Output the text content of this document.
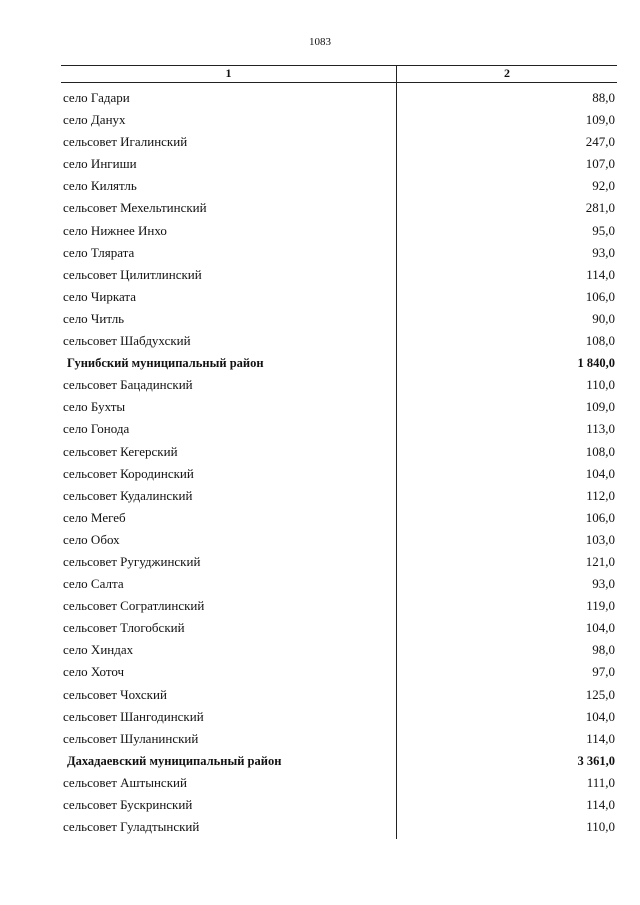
1083
1	2
село Гадари	88,0
село Данух	109,0
сельсовет Игалинский	247,0
село Ингиши	107,0
село Килятль	92,0
сельсовет Мехельтинский	281,0
село Нижнее Инхо	95,0
село Тлярата	93,0
сельсовет Цилитлинский	114,0
село Чирката	106,0
село Читль	90,0
сельсовет Шабдухский	108,0
Гунибский муниципальный район	1 840,0
сельсовет Бацадинский	110,0
село Бухты	109,0
село Гонода	113,0
сельсовет Кегерский	108,0
сельсовет Кородинский	104,0
сельсовет Кудалинский	112,0
село Мегеб	106,0
село Обох	103,0
сельсовет Ругуджинский	121,0
село Салта	93,0
сельсовет Согратлинский	119,0
сельсовет Тлогобский	104,0
село Хиндах	98,0
село Хоточ	97,0
сельсовет Чохский	125,0
сельсовет Шангодинский	104,0
сельсовет Шуланинский	114,0
Дахадаевский муниципальный район	3 361,0
сельсовет Аштынский	111,0
сельсовет Бускринский	114,0
сельсовет Гуладтынский	110,0
